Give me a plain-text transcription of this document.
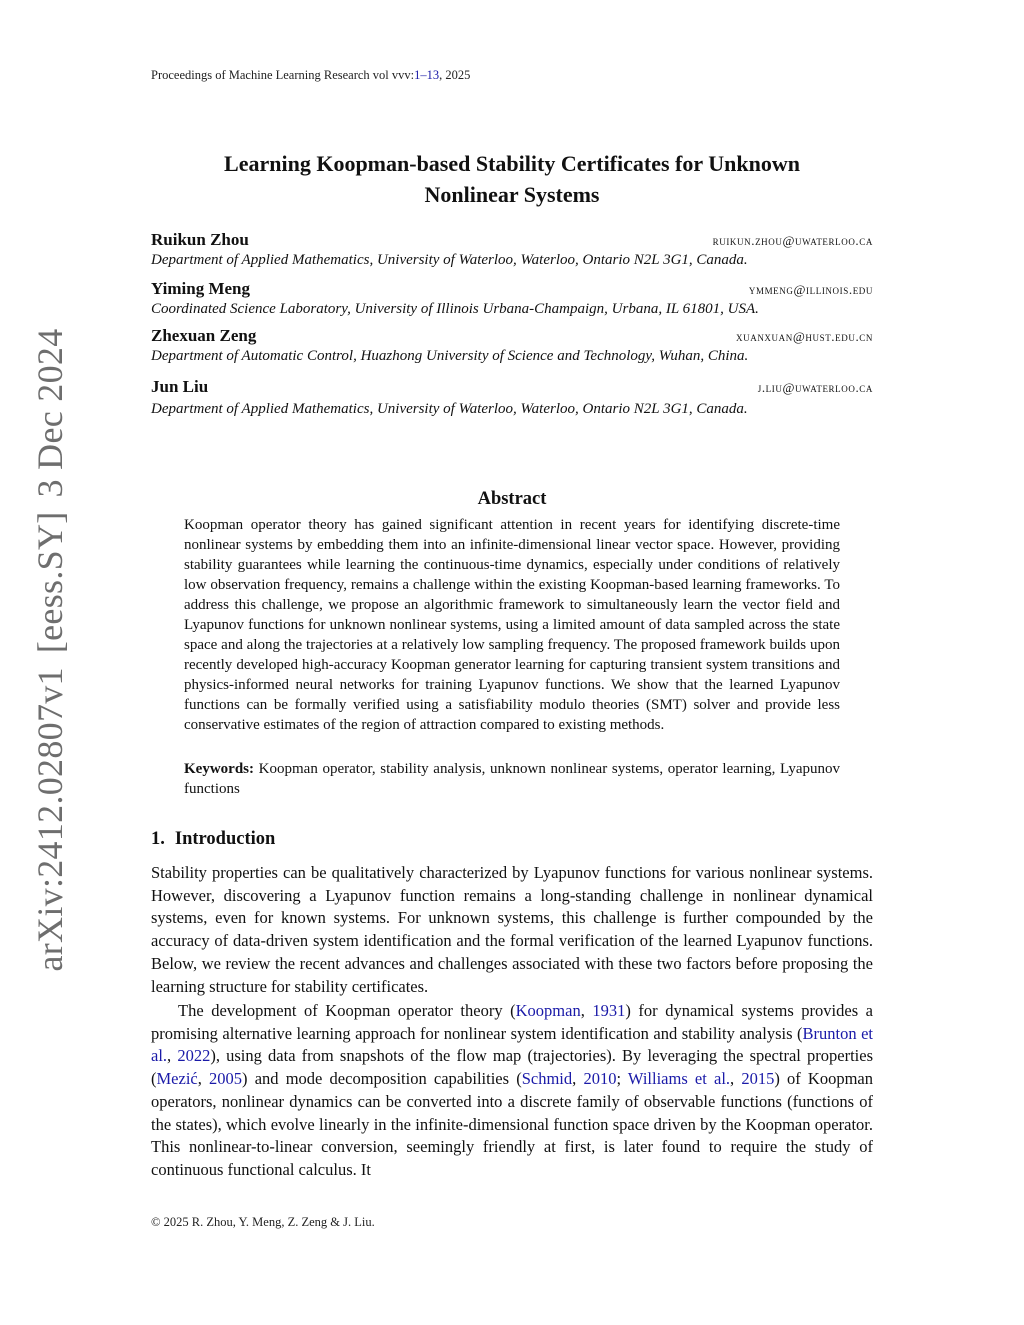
Proceedings of Machine Learning Research vol vvv:1–13, 2025
Learning Koopman-based Stability Certificates for Unknown
Nonlinear Systems
Ruikun Zhou	ruikun.zhou@uwaterloo.ca
Department of Applied Mathematics, University of Waterloo, Waterloo, Ontario N2L 3G1, Canada.
Yiming Meng	ymmeng@illinois.edu
Coordinated Science Laboratory, University of Illinois Urbana-Champaign, Urbana, IL 61801, USA.
Zhexuan Zeng	xuanxuan@hust.edu.cn
Department of Automatic Control, Huazhong University of Science and Technology, Wuhan, China.
Jun Liu	j.liu@uwaterloo.ca
Department of Applied Mathematics, University of Waterloo, Waterloo, Ontario N2L 3G1, Canada.
Abstract
Koopman operator theory has gained significant attention in recent years for identifying discrete-time nonlinear systems by embedding them into an infinite-dimensional linear vector space. However, providing stability guarantees while learning the continuous-time dynamics, especially under conditions of relatively low observation frequency, remains a challenge within the existing Koopman-based learning frameworks. To address this challenge, we propose an algorithmic framework to simultaneously learn the vector field and Lyapunov functions for unknown nonlinear systems, using a limited amount of data sampled across the state space and along the trajectories at a relatively low sampling frequency. The proposed framework builds upon recently developed high-accuracy Koopman generator learning for capturing transient system transitions and physics-informed neural networks for training Lyapunov functions. We show that the learned Lyapunov functions can be formally verified using a satisfiability modulo theories (SMT) solver and provide less conservative estimates of the region of attraction compared to existing methods.
Keywords: Koopman operator, stability analysis, unknown nonlinear systems, operator learning, Lyapunov functions
1. Introduction
Stability properties can be qualitatively characterized by Lyapunov functions for various nonlinear systems. However, discovering a Lyapunov function remains a long-standing challenge in nonlinear dynamical systems, even for known systems. For unknown systems, this challenge is further compounded by the accuracy of data-driven system identification and the formal verification of the learned Lyapunov functions. Below, we review the recent advances and challenges associated with these two factors before proposing the learning structure for stability certificates.
The development of Koopman operator theory (Koopman, 1931) for dynamical systems provides a promising alternative learning approach for nonlinear system identification and stability analysis (Brunton et al., 2022), using data from snapshots of the flow map (trajectories). By leveraging the spectral properties (Mezić, 2005) and mode decomposition capabilities (Schmid, 2010; Williams et al., 2015) of Koopman operators, nonlinear dynamics can be converted into a discrete family of observable functions (functions of the states), which evolve linearly in the infinite-dimensional function space driven by the Koopman operator. This nonlinear-to-linear conversion, seemingly friendly at first, is later found to require the study of continuous functional calculus. It
© 2025 R. Zhou, Y. Meng, Z. Zeng & J. Liu.
arXiv:2412.02807v1[eess.SY]3 Dec 2024
